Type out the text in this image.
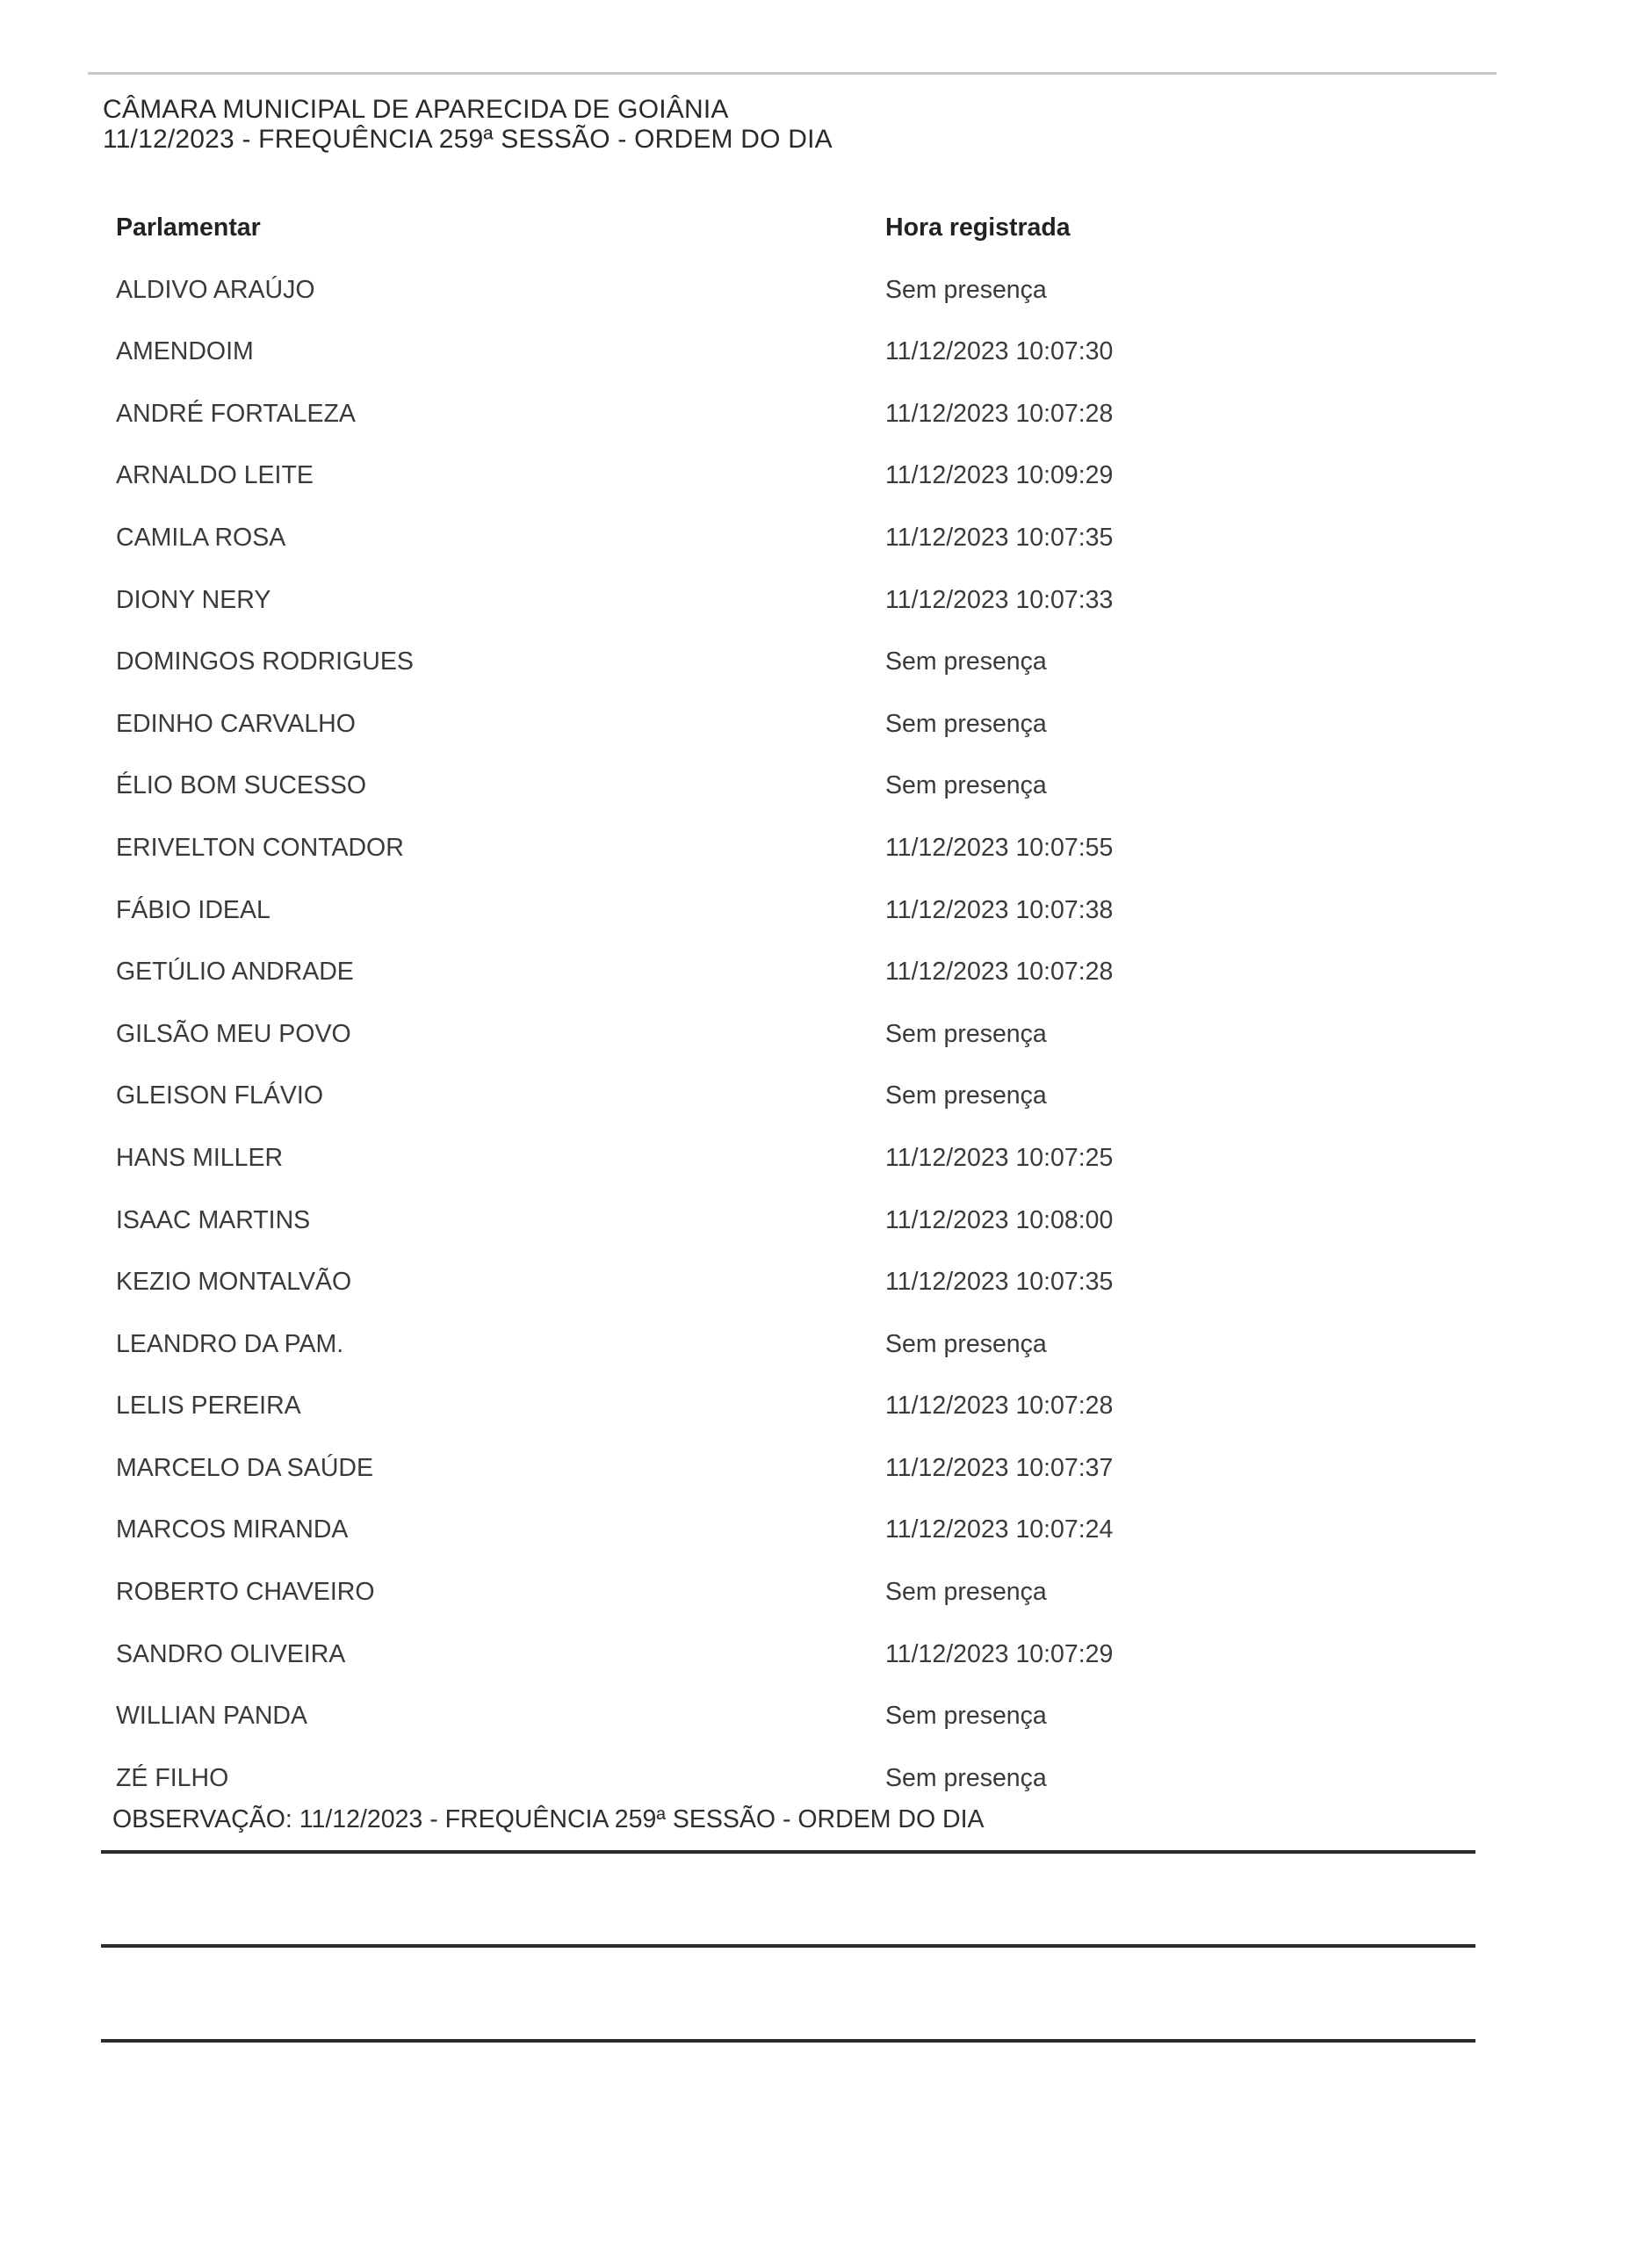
CÂMARA MUNICIPAL DE APARECIDA DE GOIÂNIA
11/12/2023 - FREQUÊNCIA 259ª SESSÃO - ORDEM DO DIA
Parlamentar	Hora registrada
ALDIVO ARAÚJO	Sem presença
AMENDOIM	11/12/2023 10:07:30
ANDRÉ FORTALEZA	11/12/2023 10:07:28
ARNALDO LEITE	11/12/2023 10:09:29
CAMILA ROSA	11/12/2023 10:07:35
DIONY NERY	11/12/2023 10:07:33
DOMINGOS RODRIGUES	Sem presença
EDINHO CARVALHO	Sem presença
ÉLIO BOM SUCESSO	Sem presença
ERIVELTON CONTADOR	11/12/2023 10:07:55
FÁBIO IDEAL	11/12/2023 10:07:38
GETÚLIO ANDRADE	11/12/2023 10:07:28
GILSÃO MEU POVO	Sem presença
GLEISON FLÁVIO	Sem presença
HANS MILLER	11/12/2023 10:07:25
ISAAC MARTINS	11/12/2023 10:08:00
KEZIO MONTALVÃO	11/12/2023 10:07:35
LEANDRO DA PAM.	Sem presença
LELIS PEREIRA	11/12/2023 10:07:28
MARCELO DA SAÚDE	11/12/2023 10:07:37
MARCOS MIRANDA	11/12/2023 10:07:24
ROBERTO CHAVEIRO	Sem presença
SANDRO OLIVEIRA	11/12/2023 10:07:29
WILLIAN PANDA	Sem presença
ZÉ FILHO	Sem presença
OBSERVAÇÃO: 11/12/2023 - FREQUÊNCIA 259ª SESSÃO - ORDEM DO DIA
